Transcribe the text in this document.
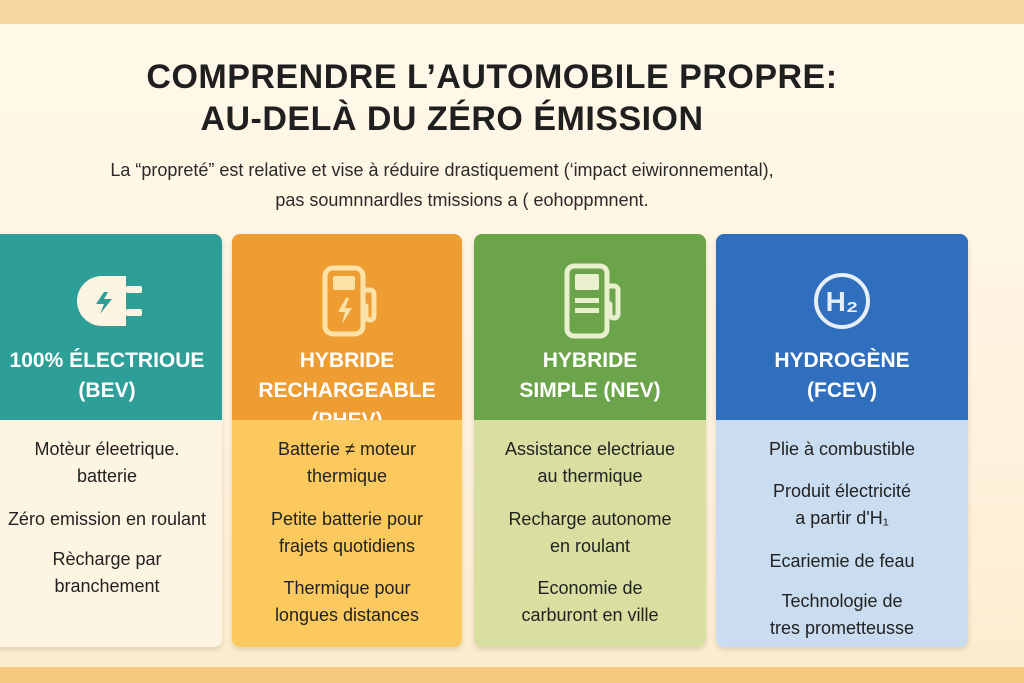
COMPRENDRE L’AUTOMOBILE PROPRE:
AU-DELÀ DU ZÉRO ÉMISSION

La “propreté” est relative et vise à réduire drastiquement (‘impact eiwironnemental),

pas soumnnardles tmissions a ( eohoppmnent.

100% ÉLECTRIOUE
(BEV)
Motèur éleetrique.
batterie
Zéro emission en roulant
Rècharge par
branchement
HYBRIDE
RECHARGEABLE
Batterie ≠ moteur
thermique
Petite batterie pour
frajets quotidiens
Thermique pour
longues distances
HYBRIDE
SIMPLE (NEV)
Assistance electriaue
au thermique
Recharge autonome
en roulant
Economie de
carburont en ville
H₂
HYDROGÈNE
(FCEV)
Plie à combustible
Produit électricité
a partir d'H₁
Ecariemie de feau
Technologie de
tres prometteusse
